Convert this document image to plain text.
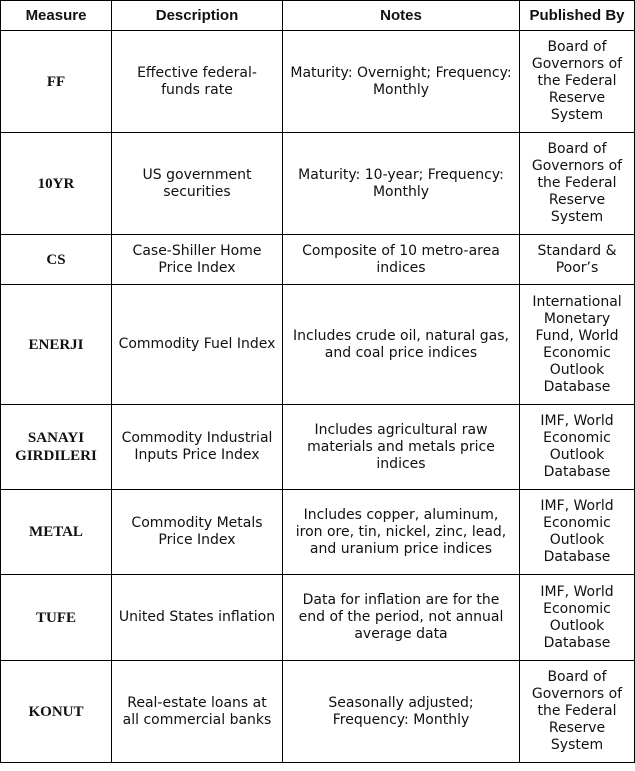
Measure	Description	Notes	Published By
FF	Effective federal-funds rate	Maturity: Overnight; Frequency: Monthly	Board of Governors of the Federal Reserve System
10YR	US government securities	Maturity: 10-year; Frequency: Monthly	Board of Governors of the Federal Reserve System
CS	Case-Shiller Home Price Index	Composite of 10 metro-area indices	Standard & Poor’s
ENERJI	Commodity Fuel Index	Includes crude oil, natural gas, and coal price indices	International Monetary Fund, World Economic Outlook Database
SANAYI GIRDILERI	Commodity Industrial Inputs Price Index	Includes agricultural raw materials and metals price indices	IMF, World Economic Outlook Database
METAL	Commodity Metals Price Index	Includes copper, aluminum, iron ore, tin, nickel, zinc, lead, and uranium price indices	IMF, World Economic Outlook Database
TUFE	United States inflation	Data for inflation are for the end of the period, not annual average data	IMF, World Economic Outlook Database
KONUT	Real-estate loans at all commercial banks	Seasonally adjusted; Frequency: Monthly	Board of Governors of the Federal Reserve System
